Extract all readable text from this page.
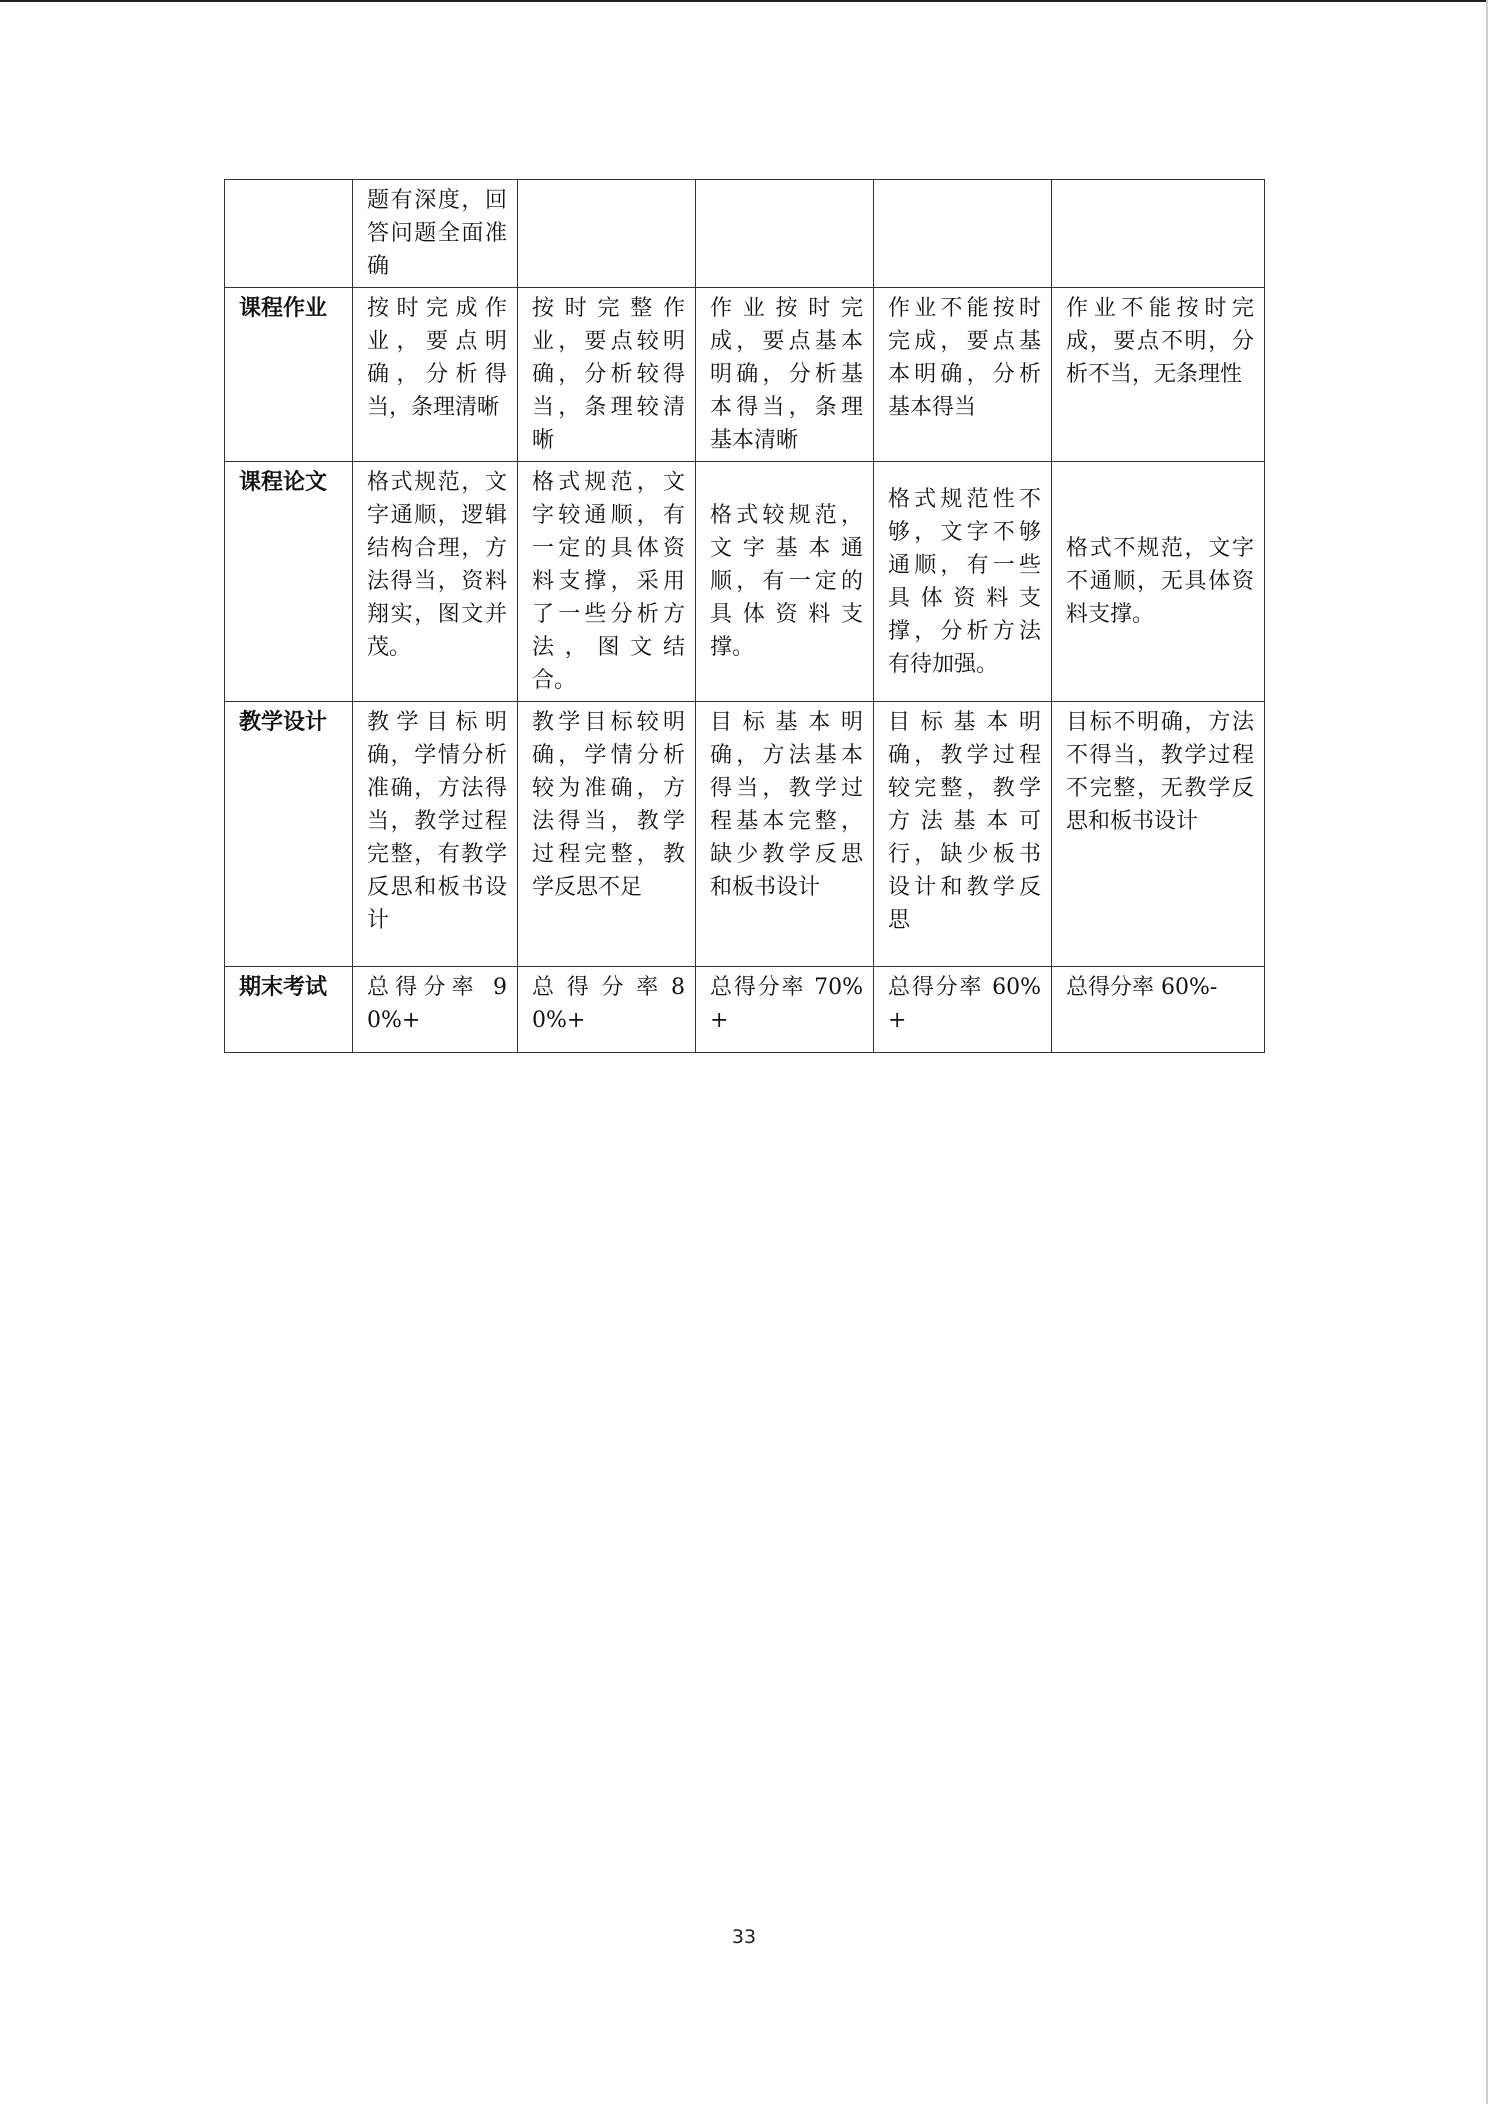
	题有深度，回答问题全面准确				
课程作业	按时完成作业，要点明确，分析得当，条理清晰	按时完整作业，要点较明确，分析较得当，条理较清晰	作业按时完成，要点基本明确，分析基本得当，条理基本清晰	作业不能按时完成，要点基本明确，分析基本得当	作业不能按时完成，要点不明，分析不当，无条理性
课程论文	格式规范，文字通顺，逻辑结构合理，方法得当，资料翔实，图文并茂。	格式规范，文字较通顺，有一定的具体资料支撑，采用了一些分析方法，图文结合。	格式较规范，文字基本通顺，有一定的具体资料支撑。	格式规范性不够，文字不够通顺，有一些具体资料支撑，分析方法有待加强。	格式不规范，文字不通顺，无具体资料支撑。
教学设计	教学目标明确，学情分析准确，方法得当，教学过程完整，有教学反思和板书设计	教学目标较明确，学情分析较为准确，方法得当，教学过程完整，教学反思不足	目标基本明确，方法基本得当，教学过程基本完整，缺少教学反思和板书设计	目标基本明确，教学过程较完整，教学方法基本可行，缺少板书设计和教学反思	目标不明确，方法不得当，教学过程不完整，无教学反思和板书设计
期末考试	总得分率 90%+	总 得 分 率 80%+	总得分率 70%+	总得分率 60%+	总得分率 60%-
33
